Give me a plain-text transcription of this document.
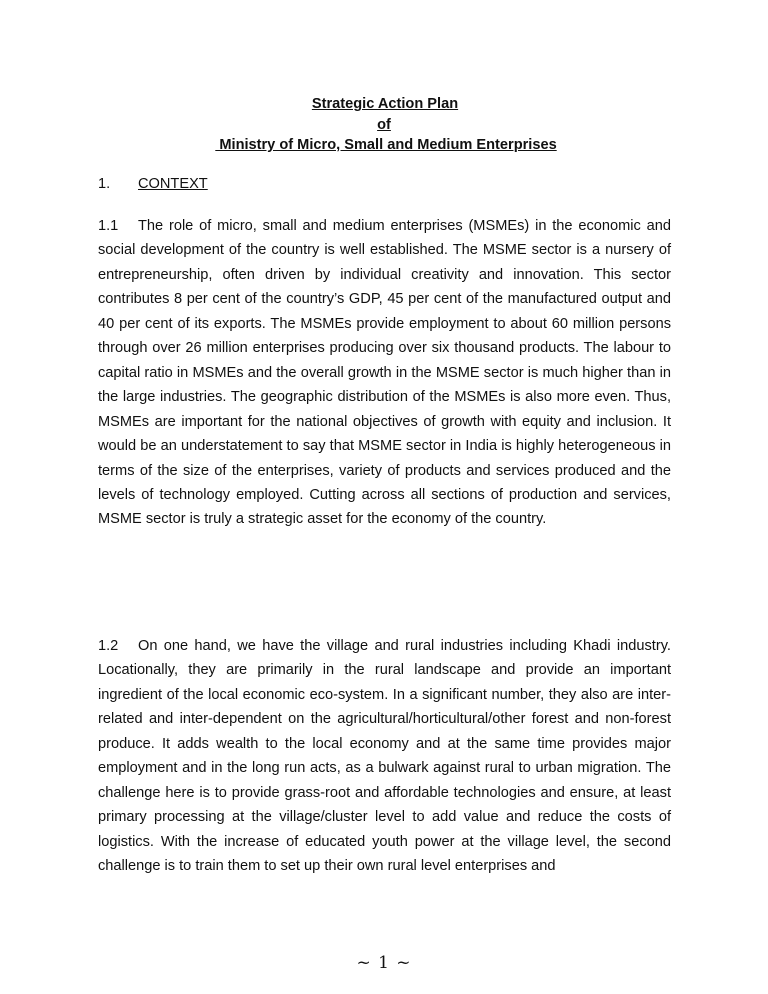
Strategic Action Plan
of
Ministry of Micro, Small and Medium Enterprises
1. CONTEXT
1.1 The role of micro, small and medium enterprises (MSMEs) in the economic and social development of the country is well established. The MSME sector is a nursery of entrepreneurship, often driven by individual creativity and innovation. This sector contributes 8 per cent of the country’s GDP, 45 per cent of the manufactured output and 40 per cent of its exports. The MSMEs provide employment to about 60 million persons through over 26 million enterprises producing over six thousand products. The labour to capital ratio in MSMEs and the overall growth in the MSME sector is much higher than in the large industries. The geographic distribution of the MSMEs is also more even. Thus, MSMEs are important for the national objectives of growth with equity and inclusion. It would be an understatement to say that MSME sector in India is highly heterogeneous in terms of the size of the enterprises, variety of products and services produced and the levels of technology employed. Cutting across all sections of production and services, MSME sector is truly a strategic asset for the economy of the country.
1.2 On one hand, we have the village and rural industries including Khadi industry. Locationally, they are primarily in the rural landscape and provide an important ingredient of the local economic eco-system. In a significant number, they also are inter-related and inter-dependent on the agricultural/horticultural/other forest and non-forest produce. It adds wealth to the local economy and at the same time provides major employment and in the long run acts, as a bulwark against rural to urban migration. The challenge here is to provide grass-root and affordable technologies and ensure, at least primary processing at the village/cluster level to add value and reduce the costs of logistics. With the increase of educated youth power at the village level, the second challenge is to train them to set up their own rural level enterprises and
~ 1 ~
